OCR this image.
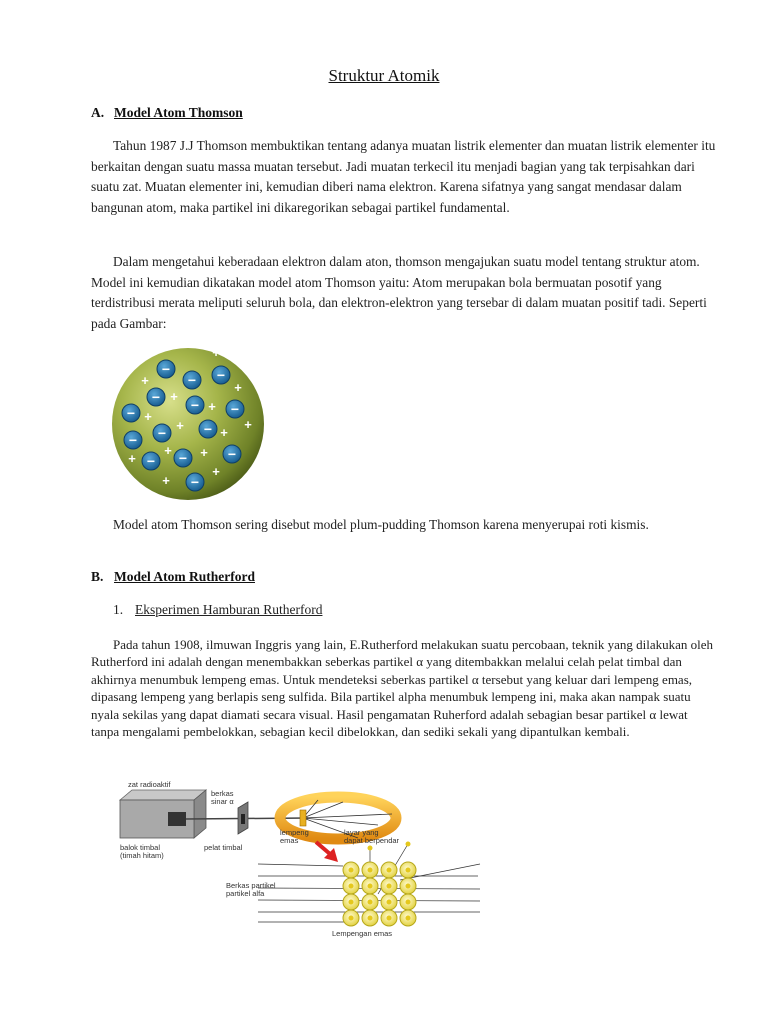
Struktur Atomik
A. Model Atom Thomson

Tahun 1987 J.J Thomson membuktikan tentang adanya muatan listrik elementer dan muatan listrik elementer itu berkaitan dengan suatu massa muatan tersebut. Jadi muatan terkecil itu menjadi bagian yang tak terpisahkan dari suatu zat. Muatan elementer ini, kemudian diberi nama elektron. Karena sifatnya yang sangat mendasar dalam bangunan atom, maka partikel ini dikaregorikan sebagai partikel fundamental.

Dalam mengetahui keberadaan elektron dalam aton, thomson mengajukan suatu model tentang struktur atom. Model ini kemudian dikatakan model atom Thomson yaitu: Atom merupakan bola bermuatan posotif yang terdistribusi merata meliputi seluruh bola, dan elektron-elektron yang tersebar di dalam muatan positif tadi. Seperti pada Gambar:

−
− −
− −
−	−
−	−
−	−
−
−
−
+
+
+
+
+
+
+	+
+ +
+
+
+
+

Model atom Thomson sering disebut model plum-pudding Thomson karena menyerupai roti kismis.

B. Model Atom Rutherford
1. Eksperimen Hamburan Rutherford

Pada tahun 1908, ilmuwan Inggris yang lain, E.Rutherford melakukan suatu percobaan, teknik yang dilakukan oleh Rutherford ini adalah dengan menembakkan seberkas partikel α yang ditembakkan melalui celah pelat timbal dan akhirnya menumbuk lempeng emas. Untuk mendeteksi seberkas partikel α tersebut yang keluar dari lempeng emas, dipasang lempeng yang berlapis seng sulfida. Bila partikel alpha menumbuk lempeng ini, maka akan nampak suatu nyala sekilas yang dapat diamati secara visual. Hasil pengamatan Ruherford adalah sebagian besar partikel α lewat tanpa mengalami pembelokkan, sebagian kecil dibelokkan, dan sediki sekali yang dipantulkan kembali.

zat radioaktif
berkas
sinar α
pelat timbal
balok timbal
(timah hitam)
lempeng
emas
layar yang
dapat berpendar
Berkas partikel
partikel alfa
Lempengan emas
